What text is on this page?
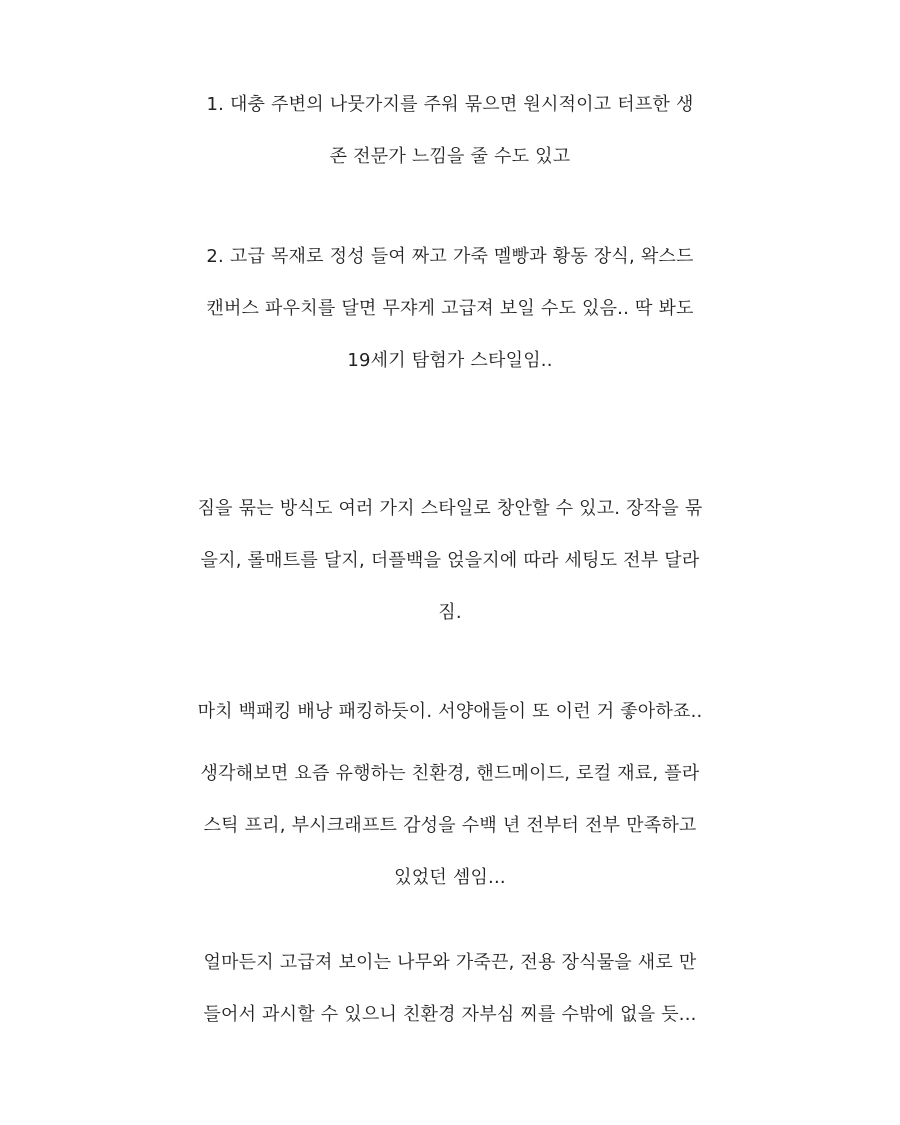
1. 대충 주변의 나뭇가지를 주워 묶으면 원시적이고 터프한 생
존 전문가 느낌을 줄 수도 있고
2. 고급 목재로 정성 들여 짜고 가죽 멜빵과 황동 장식, 왁스드
캔버스 파우치를 달면 무쟈게 고급져 보일 수도 있음.. 딱 봐도
19세기 탐험가 스타일임..
짐을 묶는 방식도 여러 가지 스타일로 창안할 수 있고. 장작을 묶
을지, 롤매트를 달지, 더플백을 얹을지에 따라 세팅도 전부 달라
짐.
마치 백패킹 배낭 패킹하듯이. 서양애들이 또 이런 거 좋아하죠..
생각해보면 요즘 유행하는 친환경, 핸드메이드, 로컬 재료, 플라
스틱 프리, 부시크래프트 감성을 수백 년 전부터 전부 만족하고
있었던 셈임...
얼마든지 고급져 보이는 나무와 가죽끈, 전용 장식물을 새로 만
들어서 과시할 수 있으니 친환경 자부심 찌를 수밖에 없을 듯...
